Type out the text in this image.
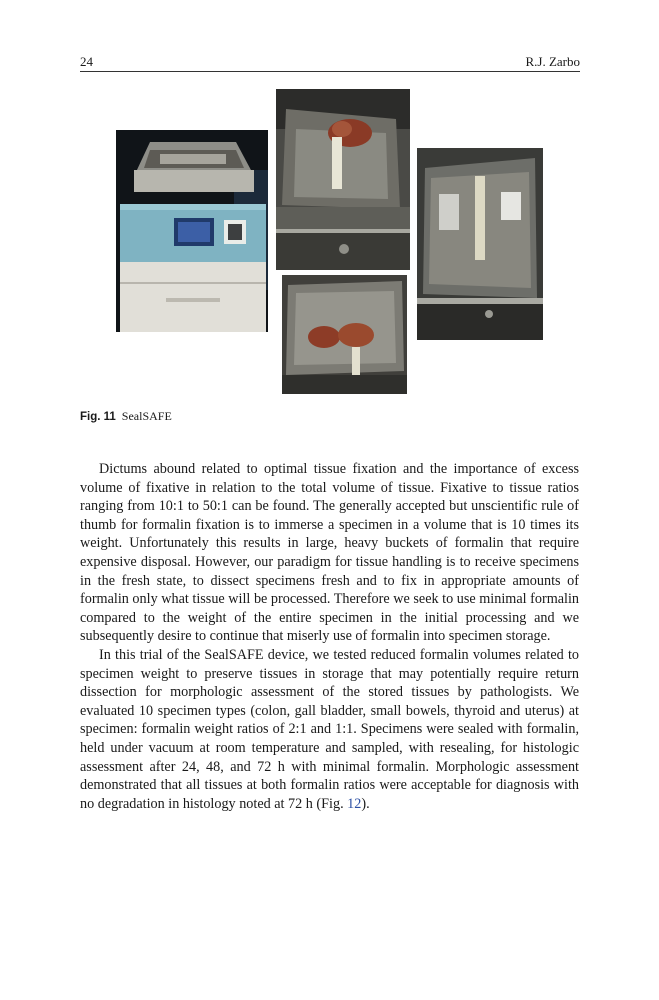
24	R.J. Zarbo
Fig. 11 SealSAFE

Dictums abound related to optimal tissue fixation and the importance of excess volume of fixative in relation to the total volume of tissue. Fixative to tissue ratios ranging from 10:1 to 50:1 can be found. The generally accepted but unscientific rule of thumb for formalin fixation is to immerse a specimen in a volume that is 10 times its weight. Unfortunately this results in large, heavy buckets of formalin that require expensive disposal. However, our paradigm for tissue handling is to receive specimens in the fresh state, to dissect specimens fresh and to fix in appropriate amounts of formalin only what tissue will be processed. Therefore we seek to use minimal formalin compared to the weight of the entire specimen in the initial processing and we subsequently desire to continue that miserly use of formalin into specimen storage.

In this trial of the SealSAFE device, we tested reduced formalin volumes related to specimen weight to preserve tissues in storage that may potentially require return dissection for morphologic assessment of the stored tissues by pathologists. We evaluated 10 specimen types (colon, gall bladder, small bowels, thyroid and uterus) at specimen: formalin weight ratios of 2:1 and 1:1. Specimens were sealed with formalin, held under vacuum at room temperature and sampled, with resealing, for histologic assessment after 24, 48, and 72 h with minimal formalin. Morphologic assessment demonstrated that all tissues at both formalin ratios were acceptable for diagnosis with no degradation in histology noted at 72 h (Fig. 12).
